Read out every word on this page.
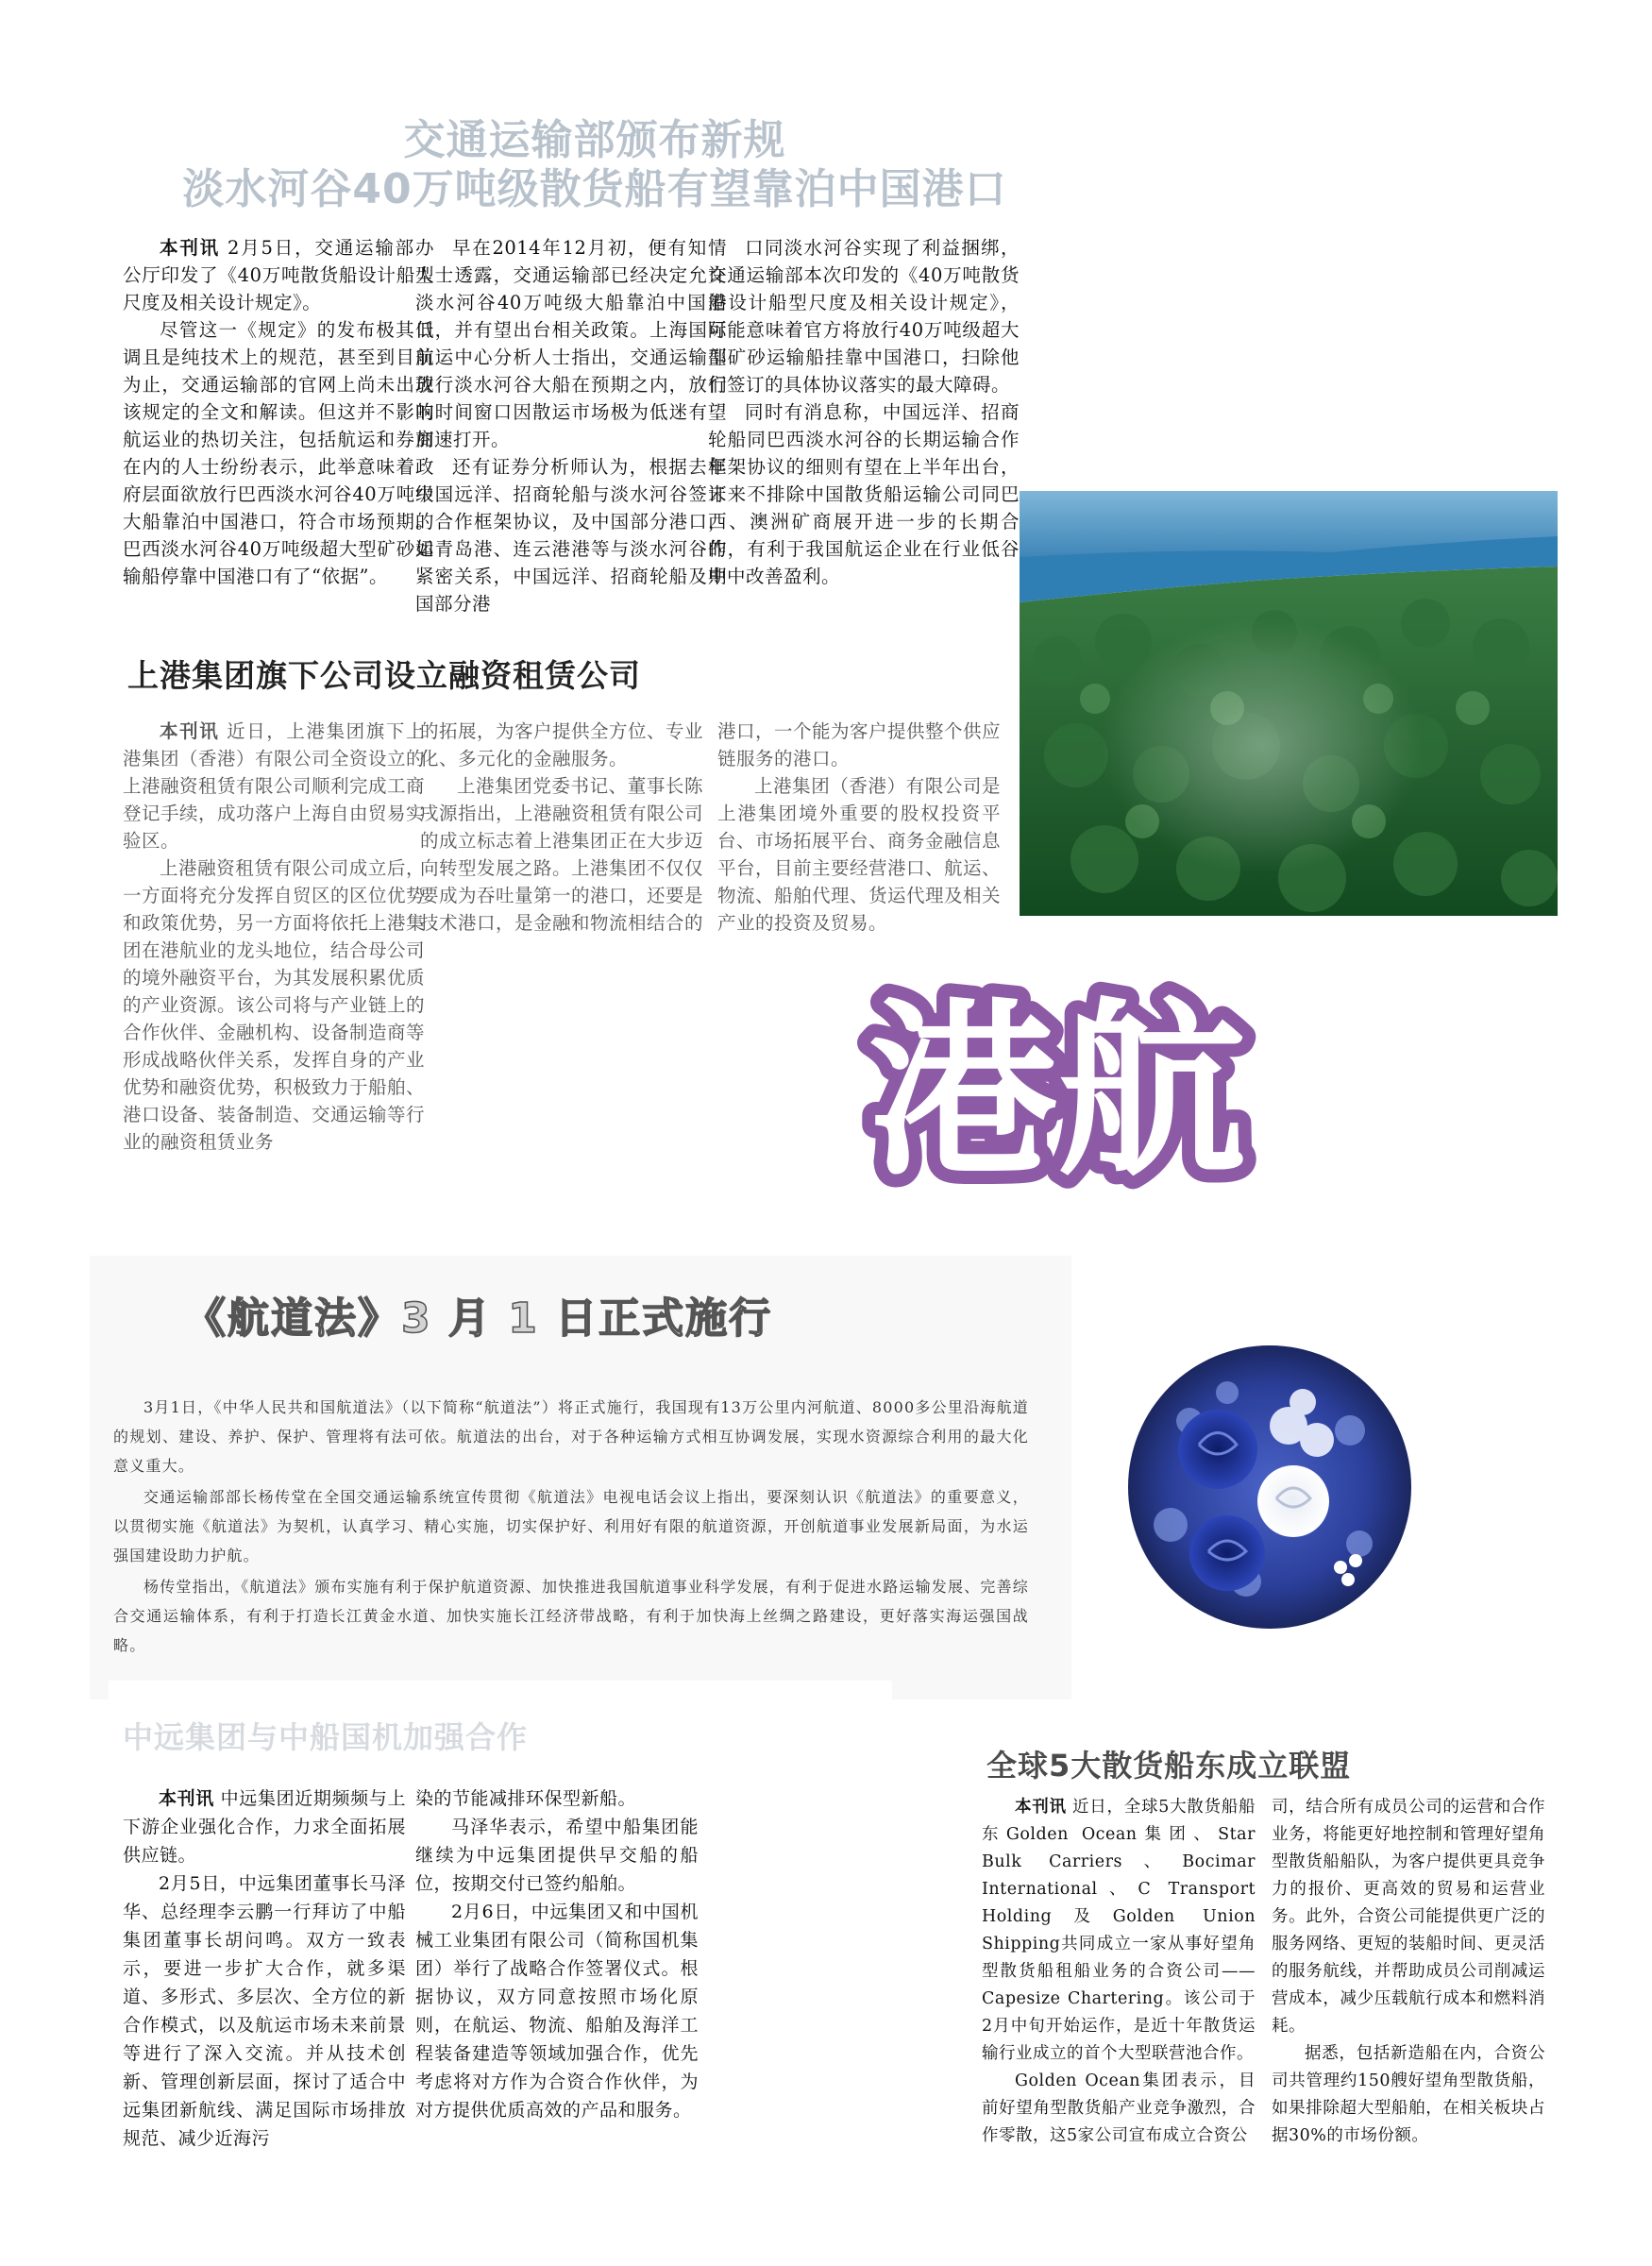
交通运输部颁布新规
淡水河谷40万吨级散货船有望靠泊中国港口

本刊讯 2月5日，交通运输部办公厅印发了《40万吨散货船设计船型尺度及相关设计规定》。

尽管这一《规定》的发布极其低调且是纯技术上的规范，甚至到目前为止，交通运输部的官网上尚未出现该规定的全文和解读。但这并不影响航运业的热切关注，包括航运和券商在内的人士纷纷表示，此举意味着政府层面欲放行巴西淡水河谷40万吨级大船靠泊中国港口，符合市场预期。巴西淡水河谷40万吨级超大型矿砂运输船停靠中国港口有了“依据”。

早在2014年12月初，便有知情人士透露，交通运输部已经决定允许淡水河谷40万吨级大船靠泊中国港口，并有望出台相关政策。上海国际航运中心分析人士指出，交通运输部放行淡水河谷大船在预期之内，放行的时间窗口因散运市场极为低迷有望加速打开。

还有证券分析师认为，根据去年中国远洋、招商轮船与淡水河谷签订的合作框架协议，及中国部分港口，如青岛港、连云港港等与淡水河谷的紧密关系，中国远洋、招商轮船及中国部分港

口同淡水河谷实现了利益捆绑，交通运输部本次印发的《40万吨散货船设计船型尺度及相关设计规定》，可能意味着官方将放行40万吨级超大型矿砂运输船挂靠中国港口，扫除他们签订的具体协议落实的最大障碍。

同时有消息称，中国远洋、招商轮船同巴西淡水河谷的长期运输合作框架协议的细则有望在上半年出台，未来不排除中国散货船运输公司同巴西、澳洲矿商展开进一步的长期合作，有利于我国航运企业在行业低谷期中改善盈利。

上港集团旗下公司设立融资租赁公司

本刊讯 近日，上港集团旗下上港集团（香港）有限公司全资设立的上港融资租赁有限公司顺利完成工商登记手续，成功落户上海自由贸易实验区。

上港融资租赁有限公司成立后，一方面将充分发挥自贸区的区位优势和政策优势，另一方面将依托上港集团在港航业的龙头地位，结合母公司的境外融资平台，为其发展积累优质的产业资源。该公司将与产业链上的合作伙伴、金融机构、设备制造商等形成战略伙伴关系，发挥自身的产业优势和融资优势，积极致力于船舶、港口设备、装备制造、交通运输等行业的融资租赁业务

的拓展，为客户提供全方位、专业化、多元化的金融服务。

上港集团党委书记、董事长陈戌源指出，上港融资租赁有限公司的成立标志着上港集团正在大步迈向转型发展之路。上港集团不仅仅要成为吞吐量第一的港口，还要是技术港口，是金融和物流相结合的

港口，一个能为客户提供整个供应链服务的港口。

上港集团（香港）有限公司是上港集团境外重要的股权投资平台、市场拓展平台、商务金融信息平台，目前主要经营港口、航运、物流、船舶代理、货运代理及相关产业的投资及贸易。

港航
《航道法》3 月 1 日正式施行

3月1日，《中华人民共和国航道法》（以下简称“航道法”）将正式施行，我国现有13万公里内河航道、8000多公里沿海航道的规划、建设、养护、保护、管理将有法可依。航道法的出台，对于各种运输方式相互协调发展，实现水资源综合利用的最大化意义重大。

交通运输部部长杨传堂在全国交通运输系统宣传贯彻《航道法》电视电话会议上指出，要深刻认识《航道法》的重要意义，以贯彻实施《航道法》为契机，认真学习、精心实施，切实保护好、利用好有限的航道资源，开创航道事业发展新局面，为水运强国建设助力护航。

杨传堂指出，《航道法》颁布实施有利于保护航道资源、加快推进我国航道事业科学发展，有利于促进水路运输发展、完善综合交通运输体系，有利于打造长江黄金水道、加快实施长江经济带战略，有利于加快海上丝绸之路建设，更好落实海运强国战略。

中远集团与中船国机加强合作

本刊讯 中远集团近期频频与上下游企业强化合作，力求全面拓展供应链。

2月5日，中远集团董事长马泽华、总经理李云鹏一行拜访了中船集团董事长胡问鸣。双方一致表示，要进一步扩大合作，就多渠道、多形式、多层次、全方位的新合作模式，以及航运市场未来前景等进行了深入交流。并从技术创新、管理创新层面，探讨了适合中远集团新航线、满足国际市场排放规范、减少近海污

染的节能减排环保型新船。

马泽华表示，希望中船集团能继续为中远集团提供早交船的船位，按期交付已签约船舶。

2月6日，中远集团又和中国机械工业集团有限公司（简称国机集团）举行了战略合作签署仪式。根据协议，双方同意按照市场化原则，在航运、物流、船舶及海洋工程装备建造等领域加强合作，优先考虑将对方作为合资合作伙伴，为对方提供优质高效的产品和服务。

全球5大散货船东成立联盟

本刊讯 近日，全球5大散货船船东Golden Ocean集团、Star Bulk Carriers、Bocimar International、C Transport Holding及Golden Union Shipping共同成立一家从事好望角型散货船租船业务的合资公司——Capesize Chartering。该公司于2月中旬开始运作，是近十年散货运输行业成立的首个大型联营池合作。

Golden Ocean集团表示，目前好望角型散货船产业竞争激烈，合作零散，这5家公司宣布成立合资公

司，结合所有成员公司的运营和合作业务，将能更好地控制和管理好望角型散货船船队，为客户提供更具竞争力的报价、更高效的贸易和运营业务。此外，合资公司能提供更广泛的服务网络、更短的装船时间、更灵活的服务航线，并帮助成员公司削减运营成本，减少压载航行成本和燃料消耗。

据悉，包括新造船在内，合资公司共管理约150艘好望角型散货船，如果排除超大型船舶，在相关板块占据30%的市场份额。
